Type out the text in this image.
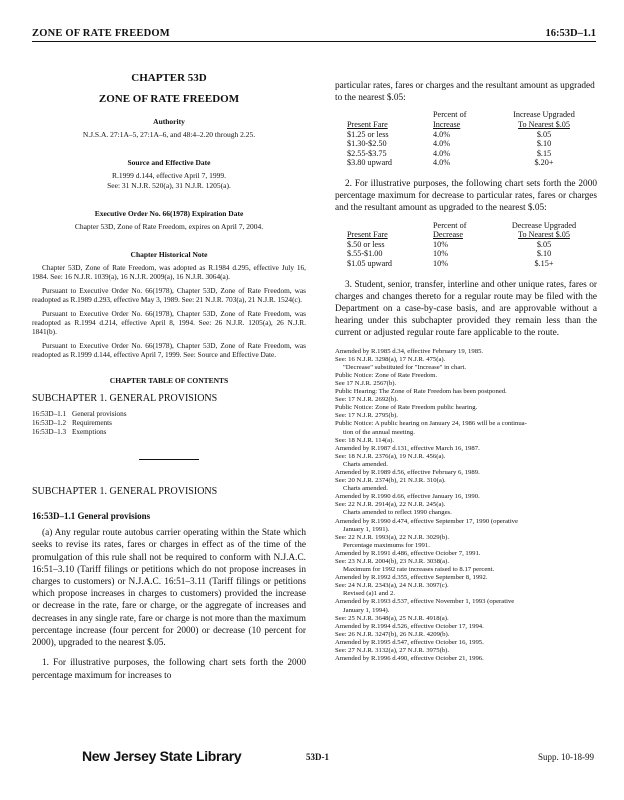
ZONE OF RATE FREEDOM	16:53D–1.1
CHAPTER 53D
ZONE OF RATE FREEDOM
Authority
N.J.S.A. 27:1A–5, 27:1A–6, and 48:4–2.20 through 2.25.
Source and Effective Date
R.1999 d.144, effective April 7, 1999.
See: 31 N.J.R. 520(a), 31 N.J.R. 1205(a).
Executive Order No. 66(1978) Expiration Date
Chapter 53D, Zone of Rate Freedom, expires on April 7, 2004.
Chapter Historical Note

Chapter 53D, Zone of Rate Freedom, was adopted as R.1984 d.295, effective July 16, 1984. See: 16 N.J.R. 1039(a), 16 N.J.R. 2009(a), 16 N.J.R. 3064(a).

Pursuant to Executive Order No. 66(1978), Chapter 53D, Zone of Rate Freedom, was readopted as R.1989 d.293, effective May 3, 1989. See: 21 N.J.R. 703(a), 21 N.J.R. 1524(c).

Pursuant to Executive Order No. 66(1978), Chapter 53D, Zone of Rate Freedom, was readopted as R.1994 d.214, effective April 8, 1994. See: 26 N.J.R. 1205(a), 26 N.J.R. 1841(b).

Pursuant to Executive Order No. 66(1978), Chapter 53D, Zone of Rate Freedom, was readopted as R.1999 d.144, effective April 7, 1999. See: Source and Effective Date.

CHAPTER TABLE OF CONTENTS
SUBCHAPTER 1. GENERAL PROVISIONS
16:53D–1.1 General provisions
16:53D–1.2 Requirements
16:53D–1.3 Exemptions
SUBCHAPTER 1. GENERAL PROVISIONS
16:53D–1.1 General provisions

(a) Any regular route autobus carrier operating within the State which seeks to revise its rates, fares or charges in effect as of the time of the promulgation of this rule shall not be required to conform with N.J.A.C. 16:51–3.10 (Tariff filings or petitions which do not propose increases in charges to customers) or N.J.A.C. 16:51–3.11 (Tariff filings or petitions which propose increases in charges to customers) provided the increase or decrease in the rate, fare or charge, or the aggregate of increases and decreases in any single rate, fare or charge is not more than the maximum percentage increase (four percent for 2000) or decrease (10 percent for 2000), upgraded to the nearest $.05.

1. For illustrative purposes, the following chart sets forth the 2000 percentage maximum for increases to

particular rates, fares or charges and the resultant amount as upgraded to the nearest $.05:

	Percent of	Increase Upgraded
Present Fare	Increase	To Nearest $.05
$1.25 or less	4.0%	$.05
$1.30-$2.50	4.0%	$.10
$2.55-$3.75	4.0%	$.15
$3.80 upward	4.0%	$.20+

2. For illustrative purposes, the following chart sets forth the 2000 percentage maximum for decrease to particular rates, fares or charges and the resultant amount as upgraded to the nearest $.05:

	Percent of	Decrease Upgraded
Present Fare	Decrease	To Nearest $.05
$.50 or less	10%	$.05
$.55-$1.00	10%	$.10
$1.05 upward	10%	$.15+

3. Student, senior, transfer, interline and other unique rates, fares or charges and changes thereto for a regular route may be filed with the Department on a case-by-case basis, and are approvable without a hearing under this subchapter provided they remain less than the current or adjusted regular route fare applicable to the route.

Amended by R.1985 d.34, effective February 19, 1985.
See: 16 N.J.R. 3298(a), 17 N.J.R. 475(a).
"Decrease" substituted for "Increase" in chart.
Public Notice: Zone of Rate Freedom.
See 17 N.J.R. 2567(b).
Public Hearing: The Zone of Rate Freedom has been postponed.
See: 17 N.J.R. 2692(b).
Public Notice: Zone of Rate Freedom public hearing.
See: 17 N.J.R. 2795(b).
Public Notice: A public hearing on January 24, 1986 will be a continua-
tion of the annual meeting.
See: 18 N.J.R. 114(a).
Amended by R.1987 d.131, effective March 16, 1987.
See: 18 N.J.R. 2376(a), 19 N.J.R. 456(a).
Charts amended.
Amended by R.1989 d.56, effective February 6, 1989.
See: 20 N.J.R. 2374(b), 21 N.J.R. 310(a).
Charts amended.
Amended by R.1990 d.66, effective January 16, 1990.
See: 22 N.J.R. 2914(a), 22 N.J.R. 245(a).
Charts amended to reflect 1990 changes.
Amended by R.1990 d.474, effective September 17, 1990 (operative
January 1, 1991).
See: 22 N.J.R. 1993(a), 22 N.J.R. 3029(b).
Percentage maximums for 1991.
Amended by R.1991 d.486, effective October 7, 1991.
See: 23 N.J.R. 2004(b), 23 N.J.R. 3038(a).
Maximum for 1992 rate increases raised to 8.17 percent.
Amended by R.1992 d.355, effective September 8, 1992.
See: 24 N.J.R. 2343(a), 24 N.J.R. 3097(c).
Revised (a)1 and 2.
Amended by R.1993 d.537, effective November 1, 1993 (operative
January 1, 1994).
See: 25 N.J.R. 3648(a), 25 N.J.R. 4918(a).
Amended by R.1994 d.526, effective October 17, 1994.
See: 26 N.J.R. 3247(b), 26 N.J.R. 4209(b).
Amended by R.1995 d.547, effective October 16, 1995.
See: 27 N.J.R. 3132(a), 27 N.J.R. 3975(b).
Amended by R.1996 d.490, effective October 21, 1996.
New Jersey State Library	53D-1	Supp. 10-18-99
